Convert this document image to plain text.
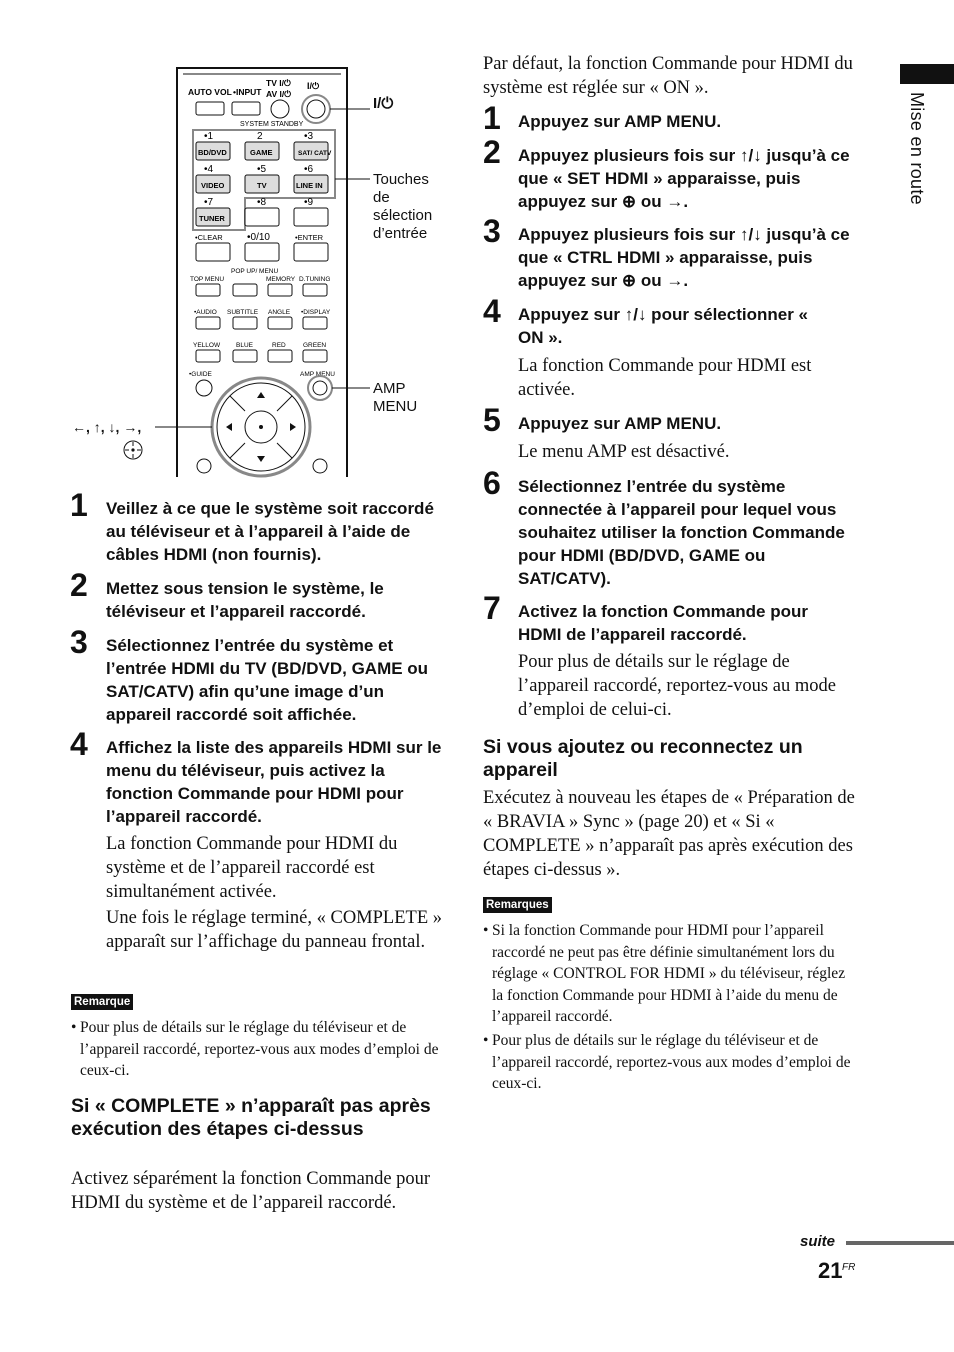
Mise en route
AUTO VOL •INPUT
TV I/⏻
AV I/⏻
I/⏻
SYSTEM STANDBY
•1	2	•3
BD/DVD	GAME	SAT/ CATV
•4	•5	•6
VIDEO	TV	LINE IN
•7	•8	•9
TUNER
•CLEAR •0/10	•ENTER
TOP MENU
POP UP/ MENU
MEMORY D.TUNING
•AUDIO SUBTITLE ANGLE •DISPLAY
YELLOW BLUE	RED	GREEN
•GUIDE	AMP MENU
I/⏻
Touches
de
sélection
d’entrée
AMP
MENU
←, ↑, ↓, →,
1 Veillez à ce que le système soit raccordé au téléviseur et à l’appareil à l’aide de câbles HDMI (non fournis).
2 Mettez sous tension le système, le téléviseur et l’appareil raccordé.
3 Sélectionnez l’entrée du système et l’entrée HDMI du TV (BD/DVD, GAME ou SAT/CATV) afin qu’une image d’un appareil raccordé soit affichée.
4 Affichez la liste des appareils HDMI sur le menu du téléviseur, puis activez la fonction Commande pour HDMI pour l’appareil raccordé.
La fonction Commande pour HDMI du système et de l’appareil raccordé est simultanément activée.
Une fois le réglage terminé, « COMPLETE » apparaît sur l’affichage du panneau frontal.
Remarque
• Pour plus de détails sur le réglage du téléviseur et de l’appareil raccordé, reportez-vous aux modes d’emploi de ceux-ci.
Si « COMPLETE » n’apparaît pas après exécution des étapes ci-dessus
Activez séparément la fonction Commande pour HDMI du système et de l’appareil raccordé.
Par défaut, la fonction Commande pour HDMI du système est réglée sur « ON ».
1 Appuyez sur AMP MENU.
2 Appuyez plusieurs fois sur ↑/↓ jusqu’à ce que « SET HDMI » apparaisse, puis appuyez sur ⊕ ou →.
3 Appuyez plusieurs fois sur ↑/↓ jusqu’à ce que « CTRL HDMI » apparaisse, puis appuyez sur ⊕ ou →.
4 Appuyez sur ↑/↓ pour sélectionner « ON ».
La fonction Commande pour HDMI est activée.
5 Appuyez sur AMP MENU.
Le menu AMP est désactivé.
6 Sélectionnez l’entrée du système connectée à l’appareil pour lequel vous souhaitez utiliser la fonction Commande pour HDMI (BD/DVD, GAME ou SAT/CATV).
7 Activez la fonction Commande pour HDMI de l’appareil raccordé.
Pour plus de détails sur le réglage de l’appareil raccordé, reportez-vous au mode d’emploi de celui-ci.
Si vous ajoutez ou reconnectez un appareil
Exécutez à nouveau les étapes de « Préparation de « BRAVIA » Sync » (page 20) et « Si « COMPLETE » n’apparaît pas après exécution des étapes ci-dessus ».
Remarques
• Si la fonction Commande pour HDMI pour l’appareil raccordé ne peut pas être définie simultanément lors du réglage « CONTROL FOR HDMI » du téléviseur, réglez la fonction Commande pour HDMI à l’aide du menu de l’appareil raccordé.
• Pour plus de détails sur le réglage du téléviseur et de l’appareil raccordé, reportez-vous aux modes d’emploi de ceux-ci.
suite
21 FR
